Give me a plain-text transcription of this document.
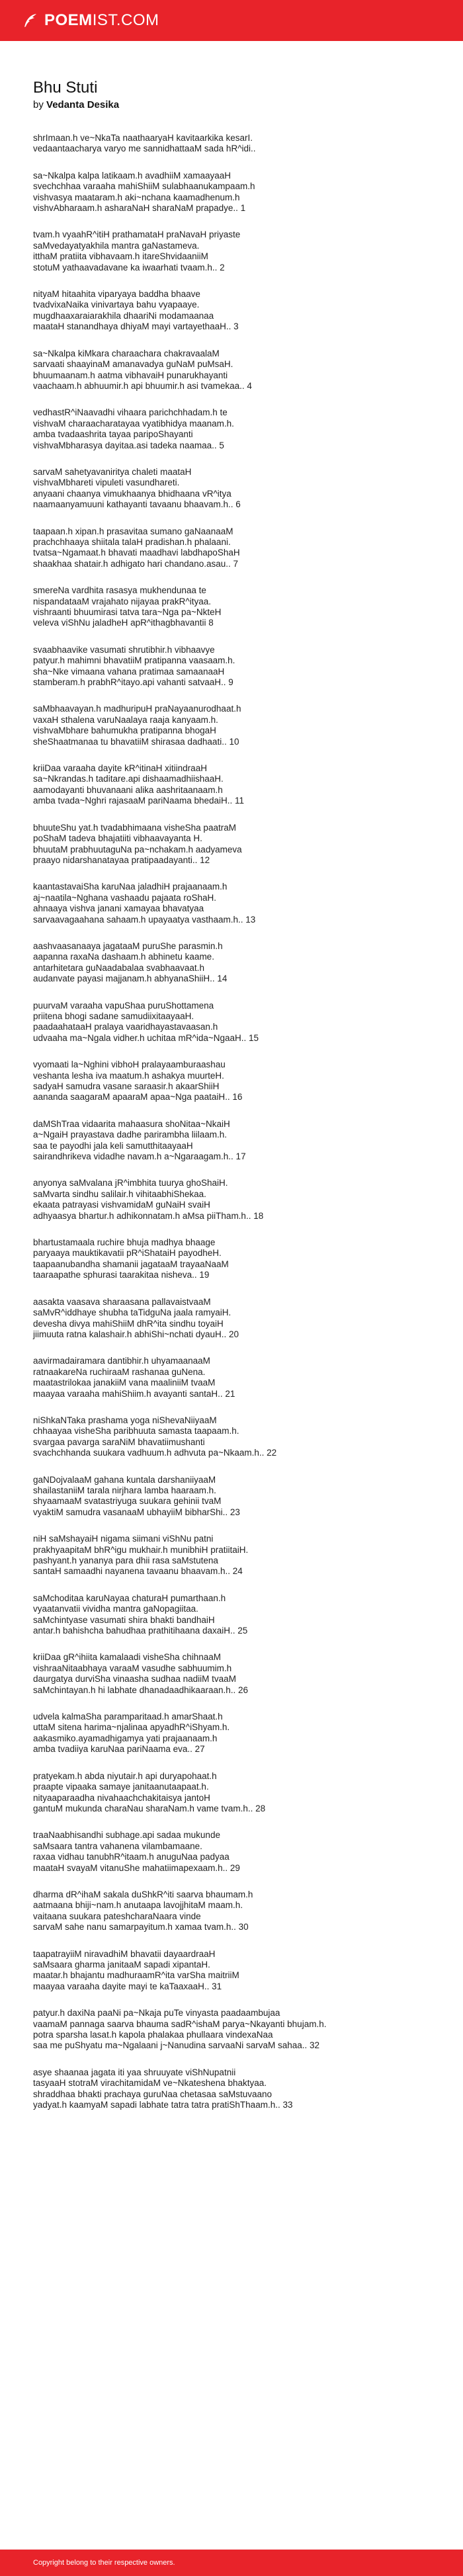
POEMIST.COM
Bhu Stuti
by Vedanta Desika

shrImaan.h ve~NkaTa naathaaryaH kavitaarkika kesarI.
vedaantaacharya varyo me sannidhattaaM sada hR^idi..

sa~Nkalpa kalpa latikaam.h avadhiiM xamaayaaH
svechchhaa varaaha mahiShiiM sulabhaanukampaam.h
vishvasya maataram.h aki~nchana kaamadhenum.h
vishvAbharaam.h asharaNaH sharaNaM prapadye.. 1

tvam.h vyaahR^itiH prathamataH praNavaH priyaste
saMvedayatyakhila mantra gaNastameva.
itthaM pratiita vibhavaam.h itareShvidaaniiM
stotuM yathaavadavane ka iwaarhati tvaam.h.. 2

nityaM hitaahita viparyaya baddha bhaave
tvadvixaNaika vinivartaya bahu vyapaaye.
mugdhaaxaraiarakhila dhaariNi modamaanaa
maataH stanandhaya dhiyaM mayi vartayethaaH.. 3

sa~Nkalpa kiMkara charaachara chakravaalaM
sarvaati shaayinaM amanavadya guNaM puMsaH.
bhuumaanam.h aatma vibhavaiH punarukhayanti
vaachaam.h abhuumir.h api bhuumir.h asi tvamekaa.. 4

vedhastR^iNaavadhi vihaara parichchhadam.h te
vishvaM charaacharatayaa vyatibhidya maanam.h.
amba tvadaashrita tayaa paripoShayanti
vishvaMbharasya dayitaa.asi tadeka naamaa.. 5

sarvaM sahetyavaniritya chaleti maataH
vishvaMbhareti vipuleti vasundhareti.
anyaani chaanya vimukhaanya bhidhaana vR^itya
naamaanyamuuni kathayanti tavaanu bhaavam.h.. 6

taapaan.h xipan.h prasavitaa sumano gaNaanaaM
prachchhaaya shiitala talaH pradishan.h phalaani.
tvatsa~Ngamaat.h bhavati maadhavi labdhapoShaH
shaakhaa shatair.h adhigato hari chandano.asau.. 7

smereNa vardhita rasasya mukhendunaa te
nispandataaM vrajahato nijayaa prakR^ityaa.
vishraanti bhuumirasi tatva tara~Nga pa~NkteH
veleva viShNu jaladheH apR^ithagbhavantii 8

svaabhaavike vasumati shrutibhir.h vibhaavye
patyur.h mahimni bhavatiiM pratipanna vaasaam.h.
sha~Nke vimaana vahana pratimaa samaanaaH
stamberam.h prabhR^itayo.api vahanti satvaaH.. 9

saMbhaavayan.h madhuripuH praNayaanurodhaat.h
vaxaH sthalena varuNaalaya raaja kanyaam.h.
vishvaMbhare bahumukha pratipanna bhogaH
sheShaatmanaa tu bhavatiiM shirasaa dadhaati.. 10

kriiDaa varaaha dayite kR^itinaH xitiindraaH
sa~Nkrandas.h taditare.api dishaamadhiishaaH.
aamodayanti bhuvanaani alika aashritaanaam.h
amba tvada~Nghri rajasaaM pariNaama bhedaiH.. 11

bhuuteShu yat.h tvadabhimaana visheSha paatraM
poShaM tadeva bhajatiiti vibhaavayanta H.
bhuutaM prabhuutaguNa pa~nchakam.h aadyameva
praayo nidarshanatayaa pratipaadayanti.. 12

kaantastavaiSha karuNaa jaladhiH prajaanaam.h
aj~naatila~Nghana vashaadu pajaata roShaH.
ahnaaya vishva janani xamayaa bhavatyaa
sarvaavagaahana sahaam.h upayaatya vasthaam.h.. 13

aashvaasanaaya jagataaM puruShe parasmin.h
aapanna raxaNa dashaam.h abhinetu kaame.
antarhitetara guNaadabalaa svabhaavaat.h
audanvate payasi majjanam.h abhyanaShiiH.. 14

puurvaM varaaha vapuShaa puruShottamena
priitena bhogi sadane samudiixitaayaaH.
paadaahataaH pralaya vaaridhayastavaasan.h
udvaaha ma~Ngala vidher.h uchitaa mR^ida~NgaaH.. 15

vyomaati la~Nghini vibhoH pralayaamburaashau
veshanta lesha iva maatum.h ashakya muurteH.
sadyaH samudra vasane saraasir.h akaarShiiH
aananda saagaraM apaaraM apaa~Nga paataiH.. 16

daMShTraa vidaarita mahaasura shoNitaa~NkaiH
a~NgaiH prayastava dadhe parirambha liilaam.h.
saa te payodhi jala keli samutthitaayaaH
sairandhrikeva vidadhe navam.h a~Ngaraagam.h.. 17

anyonya saMvalana jR^imbhita tuurya ghoShaiH.
saMvarta sindhu salilair.h vihitaabhiShekaa.
ekaata patrayasi vishvamidaM guNaiH svaiH
adhyaasya bhartur.h adhikonnatam.h aMsa piiTham.h.. 18

bhartustamaala ruchire bhuja madhya bhaage
paryaaya mauktikavatii pR^iShataiH payodheH.
taapaanubandha shamanii jagataaM trayaaNaaM
taaraapathe sphurasi taarakitaa nisheva.. 19

aasakta vaasava sharaasana pallavaistvaaM
saMvR^iddhaye shubha taTidguNa jaala ramyaiH.
devesha divya mahiShiiM dhR^ita sindhu toyaiH
jiimuuta ratna kalashair.h abhiShi~nchati dyauH.. 20

aavirmadairamara dantibhir.h uhyamaanaaM
ratnaakareNa ruchiraaM rashanaa guNena.
maatastrilokaa janakiiM vana maaliniiM tvaaM
maayaa varaaha mahiShiim.h avayanti santaH.. 21

niShkaNTaka prashama yoga niShevaNiiyaaM
chhaayaa visheSha paribhuuta samasta taapaam.h.
svargaa pavarga saraNiM bhavatiimushanti
svachchhanda suukara vadhuum.h adhvuta pa~Nkaam.h.. 22

gaNDojvalaaM gahana kuntala darshaniiyaaM
shailastaniiM tarala nirjhara lamba haaraam.h.
shyaamaaM svatastriyuga suukara gehinii tvaM
vyaktiM samudra vasanaaM ubhayiiM bibharShi.. 23

niH saMshayaiH nigama siimani viShNu patni
prakhyaapitaM bhR^igu mukhair.h munibhiH pratiitaiH.
pashyant.h yananya para dhii rasa saMstutena
santaH samaadhi nayanena tavaanu bhaavam.h.. 24

saMchoditaa karuNayaa chaturaH pumarthaan.h
vyaatanvatii vividha mantra gaNopagiitaa.
saMchintyase vasumati shira bhakti bandhaiH
antar.h bahishcha bahudhaa prathitihaana daxaiH.. 25

kriiDaa gR^ihiita kamalaadi visheSha chihnaaM
vishraaNitaabhaya varaaM vasudhe sabhuumim.h
daurgatya durviSha vinaasha sudhaa nadiiM tvaaM
saMchintayan.h hi labhate dhanadaadhikaaraan.h.. 26

udvela kalmaSha paramparitaad.h amarShaat.h
uttaM sitena harima~njalinaa apyadhR^iShyam.h.
aakasmiko.ayamadhigamya yati prajaanaam.h
amba tvadiiya karuNaa pariNaama eva.. 27

pratyekam.h abda niyutair.h api duryapohaat.h
praapte vipaaka samaye janitaanutaapaat.h.
nityaaparaadha nivahaachchakitaisya jantoH
gantuM mukunda charaNau sharaNam.h vame tvam.h.. 28

traaNaabhisandhi subhage.api sadaa mukunde
saMsaara tantra vahanena vilambamaane.
raxaa vidhau tanubhR^itaam.h anuguNaa padyaa
maataH svayaM vitanuShe mahatiimapexaam.h.. 29

dharma dR^ihaM sakala duShkR^iti saarva bhaumam.h
aatmaana bhiji~nam.h anutaapa lavojjhitaM maam.h.
vaitaana suukara pateshcharaNaara vinde
sarvaM sahe nanu samarpayitum.h xamaa tvam.h.. 30

taapatrayiiM niravadhiM bhavatii dayaardraaH
saMsaara gharma janitaaM sapadi xipantaH.
maatar.h bhajantu madhuraamR^ita varSha maitriiM
maayaa varaaha dayite mayi te kaTaaxaaH.. 31

patyur.h daxiNa paaNi pa~Nkaja puTe vinyasta paadaambujaa
vaamaM pannaga saarva bhauma sadR^ishaM parya~Nkayanti bhujam.h.
potra sparsha lasat.h kapola phalakaa phullaara vindexaNaa
saa me puShyatu ma~Ngalaani j~Nanudina sarvaaNi sarvaM sahaa.. 32

asye shaanaa jagata iti yaa shruuyate viShNupatnii
tasyaaH stotraM virachitamidaM ve~Nkateshena bhaktyaa.
shraddhaa bhakti prachaya guruNaa chetasaa saMstuvaano
yadyat.h kaamyaM sapadi labhate tatra tatra pratiShThaam.h.. 33

Copyright belong to their respective owners.
